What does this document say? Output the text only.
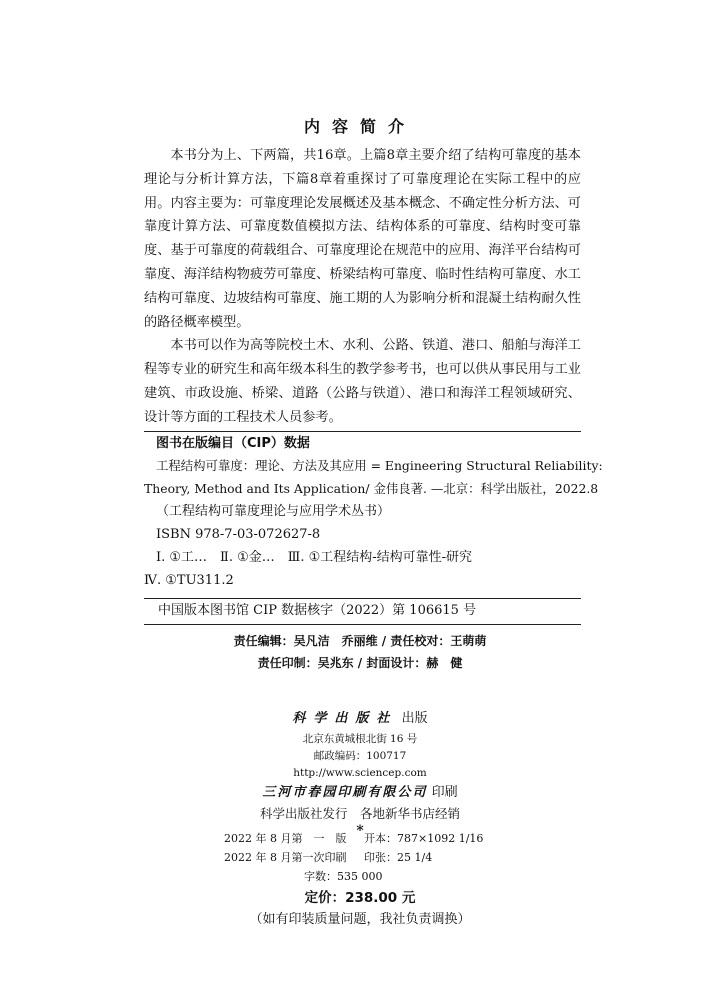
内容简介

本书分为上、下两篇，共16章。上篇8章主要介绍了结构可靠度的基本理论与分析计算方法，下篇8章着重探讨了可靠度理论在实际工程中的应用。内容主要为：可靠度理论发展概述及基本概念、不确定性分析方法、可靠度计算方法、可靠度数值模拟方法、结构体系的可靠度、结构时变可靠度、基于可靠度的荷载组合、可靠度理论在规范中的应用、海洋平台结构可靠度、海洋结构物疲劳可靠度、桥梁结构可靠度、临时性结构可靠度、水工结构可靠度、边坡结构可靠度、施工期的人为影响分析和混凝土结构耐久性的路径概率模型。

本书可以作为高等院校土木、水利、公路、铁道、港口、船舶与海洋工程等专业的研究生和高年级本科生的教学参考书，也可以供从事民用与工业建筑、市政设施、桥梁、道路（公路与铁道）、港口和海洋工程领域研究、设计等方面的工程技术人员参考。

图书在版编目（CIP）数据
工程结构可靠度：理论、方法及其应用 = Engineering Structural Reliability:
Theory, Method and Its Application/ 金伟良著. —北京：科学出版社，2022.8
（工程结构可靠度理论与应用学术丛书）
ISBN 978-7-03-072627-8
Ⅰ. ①工…　Ⅱ. ①金…　Ⅲ. ①工程结构-结构可靠性-研究
Ⅳ. ①TU311.2
中国版本图书馆 CIP 数据核字（2022）第 106615 号
责任编辑：吴凡洁　乔丽维 / 责任校对：王萌萌
责任印制：吴兆东 / 封面设计：赫　健
科学出版社 出版
北京东黄城根北街 16 号
邮政编码：100717
http://www.sciencep.com
三河市春园印刷有限公司 印刷
科学出版社发行　各地新华书店经销
*
2022 年 8 月第　一　版 开本：787×1092 1/16
2022 年 8 月第一次印刷 印张：25 1/4
字数：535 000
定价：238.00 元
（如有印装质量问题，我社负责调换）
